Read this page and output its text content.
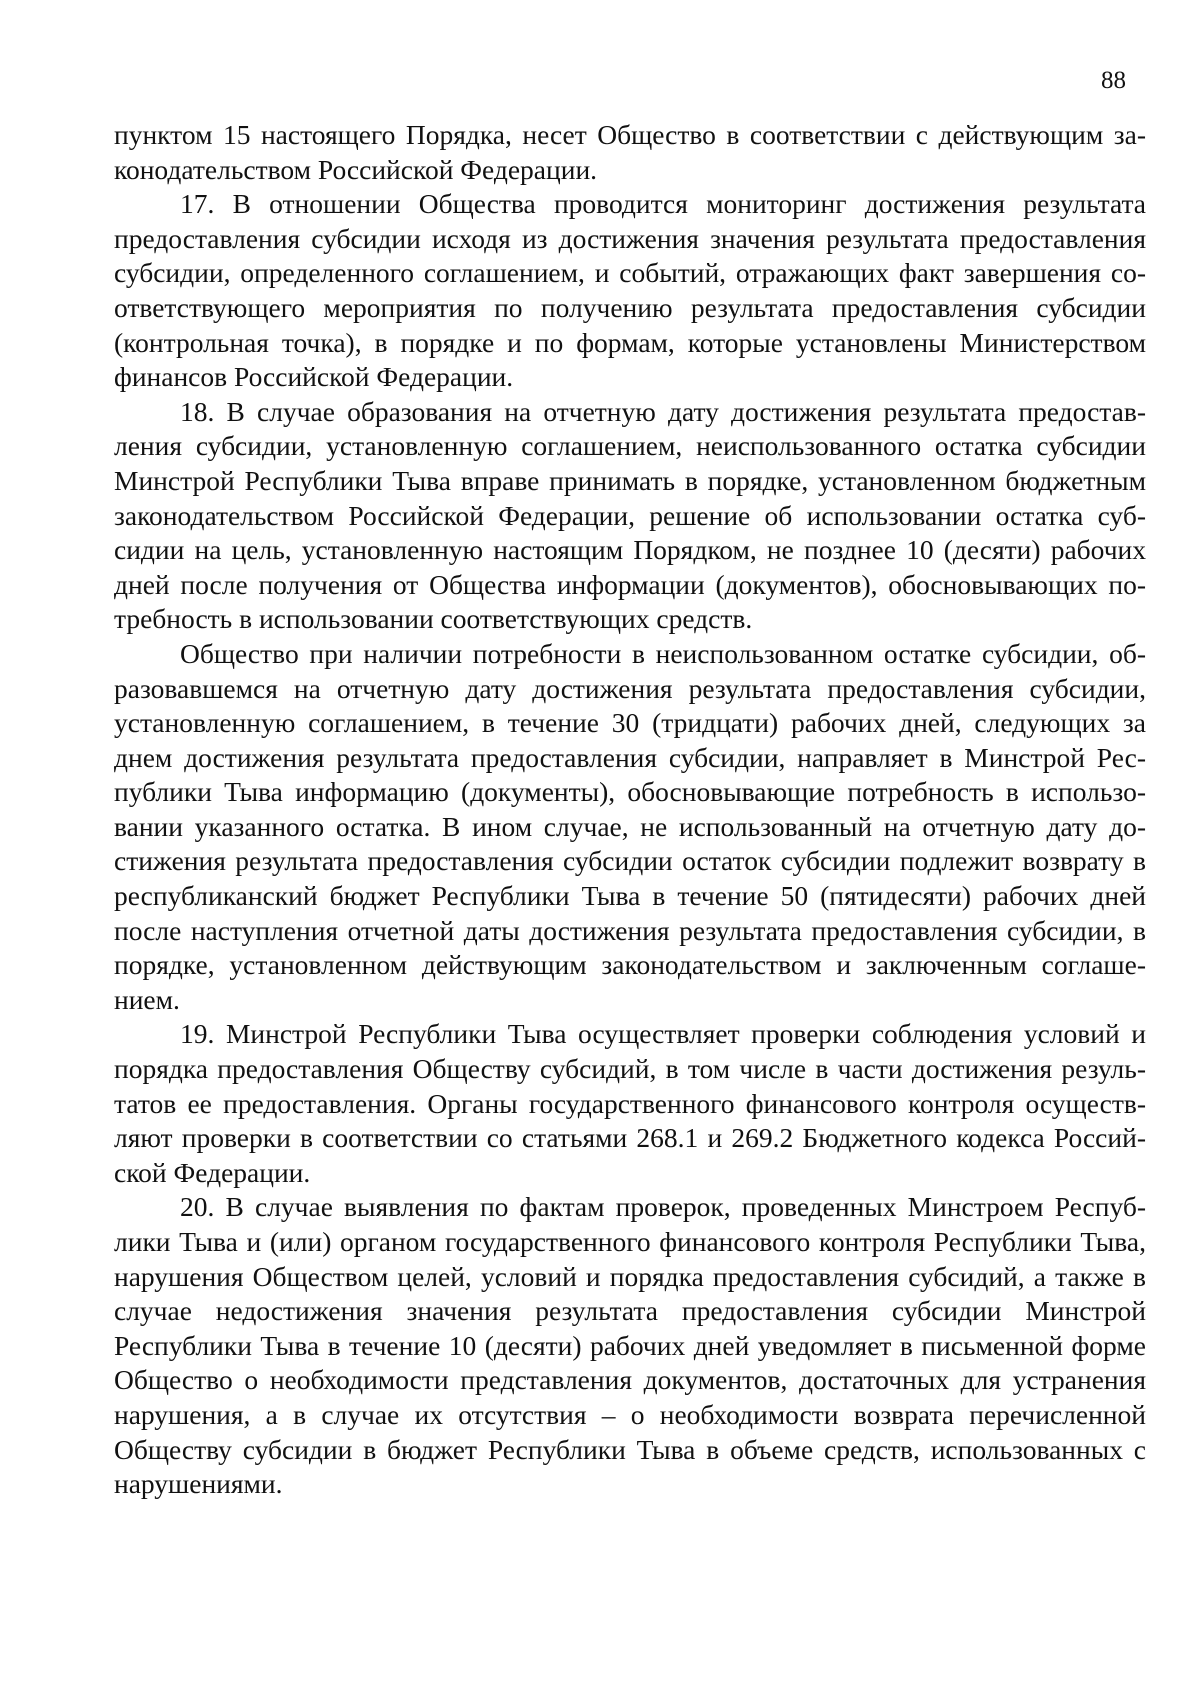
88

пунктом 15 настоящего Порядка, несет Общество в соответствии с действующим законодательством Российской Федерации.

17. В отношении Общества проводится мониторинг достижения результата предоставления субсидии исходя из достижения значения результата предоставления субсидии, определенного соглашением, и событий, отражающих факт завершения соответствующего мероприятия по получению результата предоставления субсидии (контрольная точка), в порядке и по формам, которые установлены Министерством финансов Российской Федерации.

18. В случае образования на отчетную дату достижения результата предоставления субсидии, установленную соглашением, неиспользованного остатка субсидии Минстрой Республики Тыва вправе принимать в порядке, установленном бюджетным законодательством Российской Федерации, решение об использовании остатка субсидии на цель, установленную настоящим Порядком, не позднее 10 (десяти) рабочих дней после получения от Общества информации (документов), обосновывающих потребность в использовании соответствующих средств.

Общество при наличии потребности в неиспользованном остатке субсидии, образовавшемся на отчетную дату достижения результата предоставления субсидии, установленную соглашением, в течение 30 (тридцати) рабочих дней, следующих за днем достижения результата предоставления субсидии, направляет в Минстрой Республики Тыва информацию (документы), обосновывающие потребность в использовании указанного остатка. В ином случае, не использованный на отчетную дату достижения результата предоставления субсидии остаток субсидии подлежит возврату в республиканский бюджет Республики Тыва в течение 50 (пятидесяти) рабочих дней после наступления отчетной даты достижения результата предоставления субсидии, в порядке, установленном действующим законодательством и заключенным соглашением.

19. Минстрой Республики Тыва осуществляет проверки соблюдения условий и порядка предоставления Обществу субсидий, в том числе в части достижения результатов ее предоставления. Органы государственного финансового контроля осуществляют проверки в соответствии со статьями 268.1 и 269.2 Бюджетного кодекса Российской Федерации.

20. В случае выявления по фактам проверок, проведенных Минстроем Республики Тыва и (или) органом государственного финансового контроля Республики Тыва, нарушения Обществом целей, условий и порядка предоставления субсидий, а также в случае недостижения значения результата предоставления субсидии Минстрой Республики Тыва в течение 10 (десяти) рабочих дней уведомляет в письменной форме Общество о необходимости представления документов, достаточных для устранения нарушения, а в случае их отсутствия – о необходимости возврата перечисленной Обществу субсидии в бюджет Республики Тыва в объеме средств, использованных с нарушениями.
